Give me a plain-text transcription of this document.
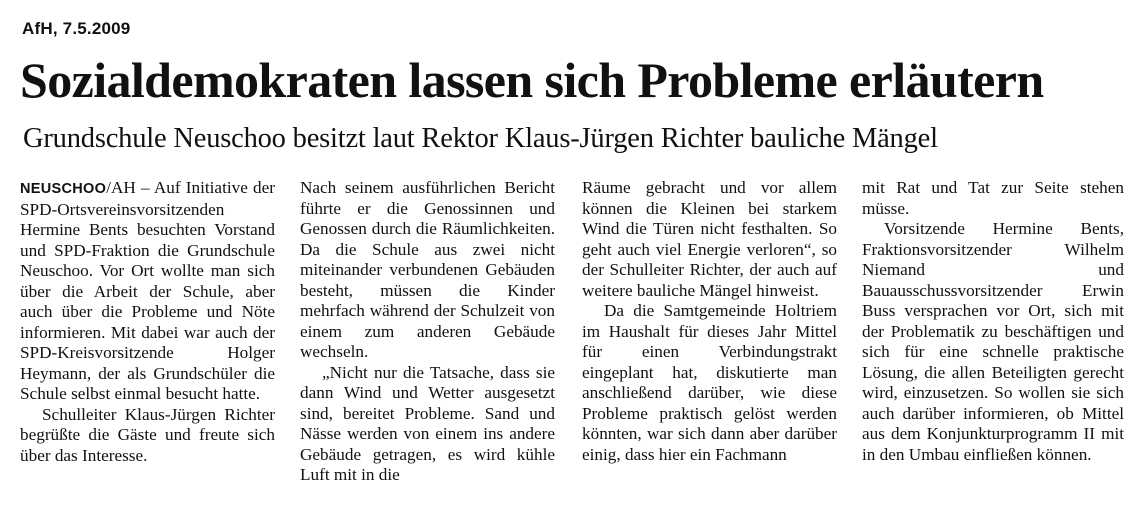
AfH, 7.5.2009
Sozialdemokraten lassen sich Probleme erläutern
Grundschule Neuschoo besitzt laut Rektor Klaus-Jürgen Richter bauliche Mängel

NEUSCHOO/AH – Auf Initiative der SPD-Ortsvereinsvorsitzenden Hermine Bents besuchten Vorstand und SPD-Fraktion die Grundschule Neuschoo. Vor Ort wollte man sich über die Arbeit der Schule, aber auch über die Probleme und Nöte informieren. Mit dabei war auch der SPD-Kreisvorsitzende Holger Heymann, der als Grundschüler die Schule selbst einmal besucht hatte.

Schulleiter Klaus-Jürgen Richter begrüßte die Gäste und freute sich über das Interesse.

Nach seinem ausführlichen Bericht führte er die Genossinnen und Genossen durch die Räumlichkeiten. Da die Schule aus zwei nicht miteinander verbundenen Gebäuden besteht, müssen die Kinder mehrfach während der Schulzeit von einem zum anderen Gebäude wechseln.

„Nicht nur die Tatsache, dass sie dann Wind und Wetter ausgesetzt sind, bereitet Probleme. Sand und Nässe werden von einem ins andere Gebäude getragen, es wird kühle Luft mit in die

Räume gebracht und vor allem können die Kleinen bei starkem Wind die Türen nicht festhalten. So geht auch viel Energie verloren“, so der Schulleiter Richter, der auch auf weitere bauliche Mängel hinweist.

Da die Samtgemeinde Holtriem im Haushalt für dieses Jahr Mittel für einen Verbindungstrakt eingeplant hat, diskutierte man anschließend darüber, wie diese Probleme praktisch gelöst werden könnten, war sich dann aber darüber einig, dass hier ein Fachmann

mit Rat und Tat zur Seite stehen müsse.

Vorsitzende Hermine Bents, Fraktionsvorsitzender Wilhelm Niemand und Bauausschussvorsitzender Erwin Buss versprachen vor Ort, sich mit der Problematik zu beschäftigen und sich für eine schnelle praktische Lösung, die allen Beteiligten gerecht wird, einzusetzen. So wollen sie sich auch darüber informieren, ob Mittel aus dem Konjunkturprogramm II mit in den Umbau einfließen können.
